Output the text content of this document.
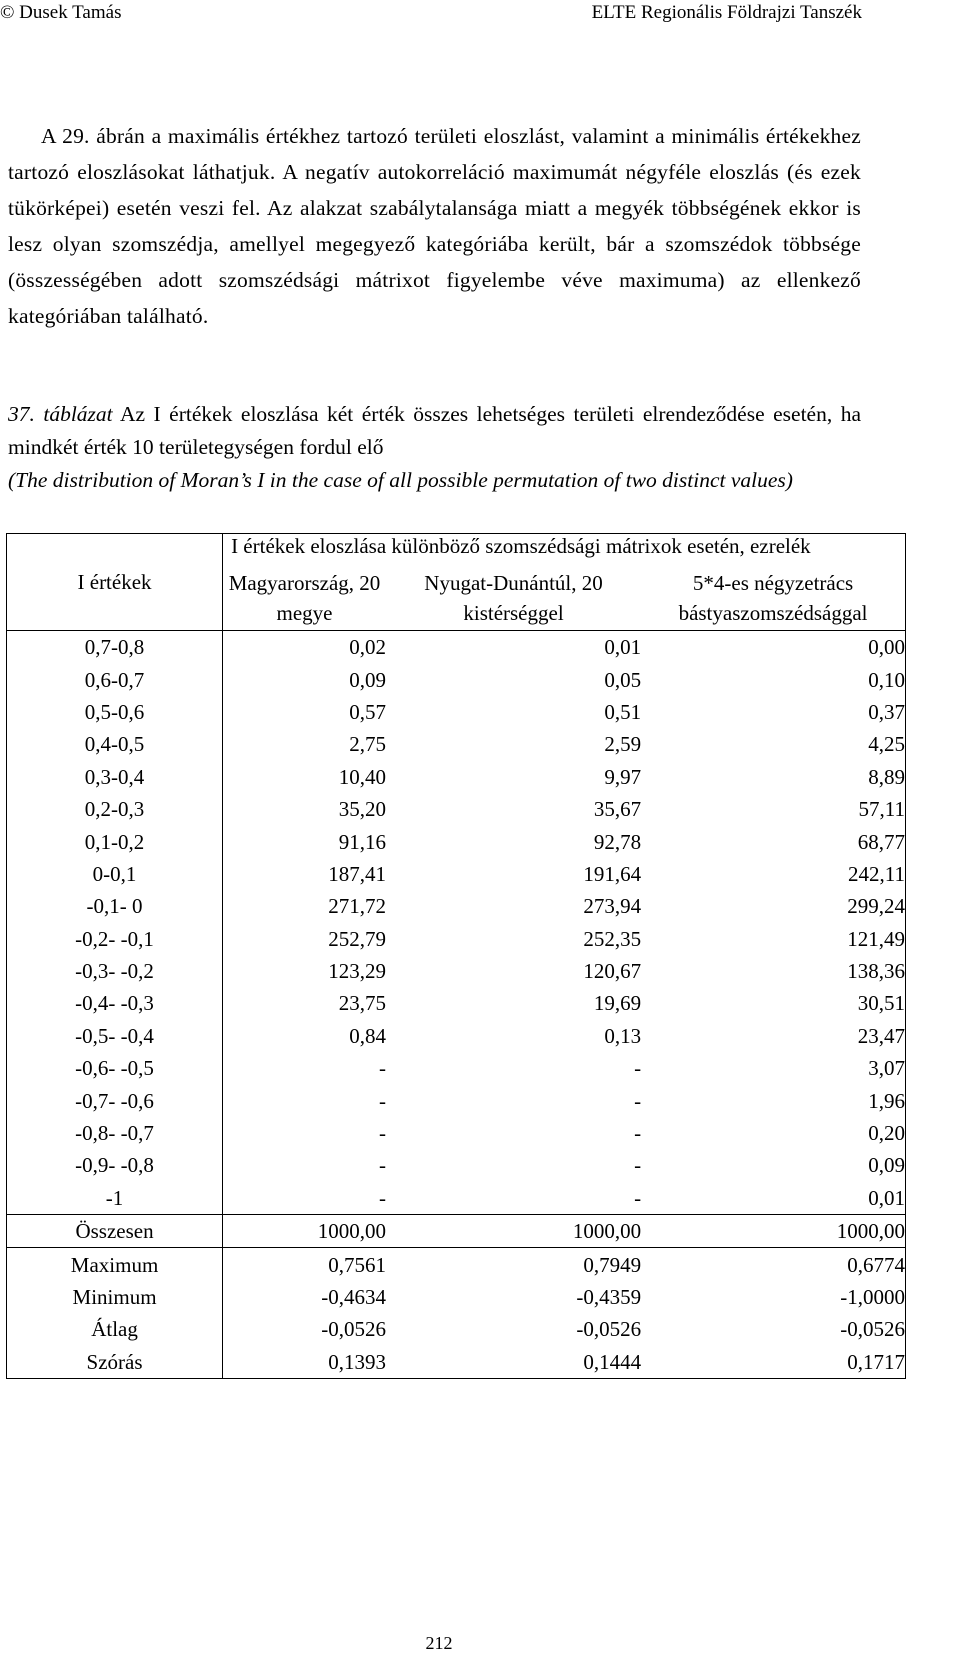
© Dusek Tamás	ELTE Regionális Földrajzi Tanszék
A 29. ábrán a maximális értékhez tartozó területi eloszlást, valamint a minimális értékekhez tartozó eloszlásokat láthatjuk. A negatív autokorreláció maximumát négyféle eloszlás (és ezek tükörképei) esetén veszi fel. Az alakzat szabálytalansága miatt a megyék többségének ekkor is lesz olyan szomszédja, amellyel megegyező kategóriába került, bár a szomszédok többsége (összességében adott szomszédsági mátrixot figyelembe véve maximuma) az ellenkező kategóriában található.
37. táblázat Az I értékek eloszlása két érték összes lehetséges területi elrendeződése esetén, ha mindkét érték 10 területegységen fordul elő
(The distribution of Moran’s I in the case of all possible permutation of two distinct values)
I értékek	I értékek eloszlása különböző szomszédsági mátrixok esetén, ezrelék		
	Magyarország, 20 megye	Nyugat-Dunántúl, 20 kistérséggel	5*4-es négyzetrács bástyaszomszédsággal
0,7-0,8	0,02	0,01	0,00
0,6-0,7	0,09	0,05	0,10
0,5-0,6	0,57	0,51	0,37
0,4-0,5	2,75	2,59	4,25
0,3-0,4	10,40	9,97	8,89
0,2-0,3	35,20	35,67	57,11
0,1-0,2	91,16	92,78	68,77
0-0,1	187,41	191,64	242,11
-0,1- 0	271,72	273,94	299,24
-0,2- -0,1	252,79	252,35	121,49
-0,3- -0,2	123,29	120,67	138,36
-0,4- -0,3	23,75	19,69	30,51
-0,5- -0,4	0,84	0,13	23,47
-0,6- -0,5	-	-	3,07
-0,7- -0,6	-	-	1,96
-0,8- -0,7	-	-	0,20
-0,9- -0,8	-	-	0,09
-1	-	-	0,01
Összesen	1000,00	1000,00	1000,00
Maximum	0,7561	0,7949	0,6774
Minimum	-0,4634	-0,4359	-1,0000
Átlag	-0,0526	-0,0526	-0,0526
Szórás	0,1393	0,1444	0,1717
212
